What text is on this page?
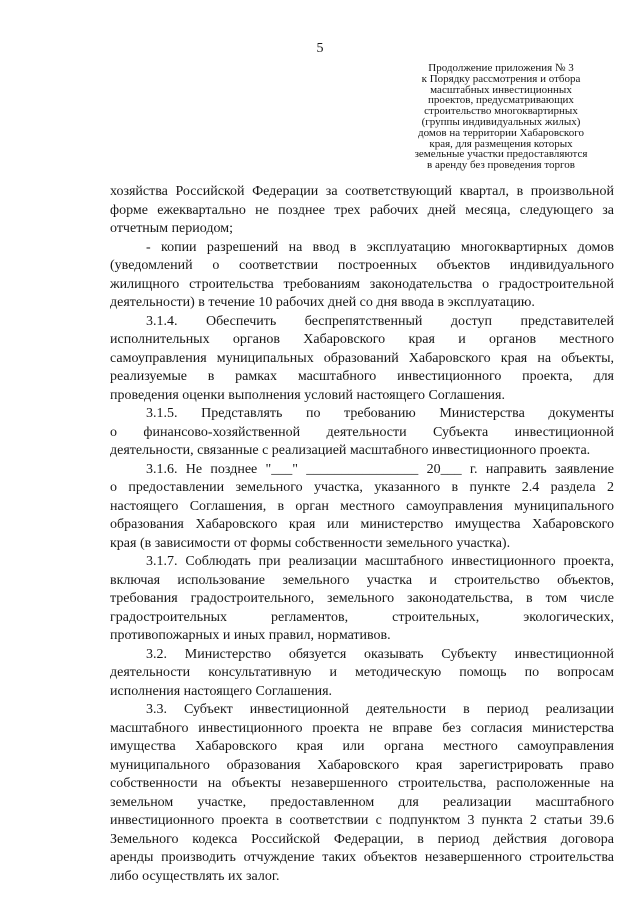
5
Продолжение приложения № 3
к Порядку рассмотрения и отбора
масштабных инвестиционных
проектов, предусматривающих
строительство многоквартирных
(группы индивидуальных жилых)
домов на территории Хабаровского
края, для размещения которых
земельные участки предоставляются
в аренду без проведения торгов
хозяйства Российской Федерации за соответствующий квартал, в произвольной
форме ежеквартально не позднее трех рабочих дней месяца, следующего за
отчетным периодом;
- копии разрешений на ввод в эксплуатацию многоквартирных домов
(уведомлений о соответствии построенных объектов индивидуального
жилищного строительства требованиям законодательства о градостроительной
деятельности) в течение 10 рабочих дней со дня ввода в эксплуатацию.
3.1.4. Обеспечить беспрепятственный доступ представителей
исполнительных органов Хабаровского края и органов местного
самоуправления муниципальных образований Хабаровского края на объекты,
реализуемые в рамках масштабного инвестиционного проекта, для
проведения оценки выполнения условий настоящего Соглашения.
3.1.5. Представлять по требованию Министерства документы
о финансово-хозяйственной деятельности Субъекта инвестиционной
деятельности, связанные с реализацией масштабного инвестиционного проекта.
3.1.6. Не позднее "___" ________________ 20___ г. направить заявление
о предоставлении земельного участка, указанного в пункте 2.4 раздела 2
настоящего Соглашения, в орган местного самоуправления муниципального
образования Хабаровского края или министерство имущества Хабаровского
края (в зависимости от формы собственности земельного участка).
3.1.7. Соблюдать при реализации масштабного инвестиционного проекта,
включая использование земельного участка и строительство объектов,
требования градостроительного, земельного законодательства, в том числе
градостроительных регламентов, строительных, экологических,
противопожарных и иных правил, нормативов.
3.2. Министерство обязуется оказывать Субъекту инвестиционной
деятельности консультативную и методическую помощь по вопросам
исполнения настоящего Соглашения.
3.3. Субъект инвестиционной деятельности в период реализации
масштабного инвестиционного проекта не вправе без согласия министерства
имущества Хабаровского края или органа местного самоуправления
муниципального образования Хабаровского края зарегистрировать право
собственности на объекты незавершенного строительства, расположенные на
земельном участке, предоставленном для реализации масштабного
инвестиционного проекта в соответствии с подпунктом 3 пункта 2 статьи 39.6
Земельного кодекса Российской Федерации, в период действия договора
аренды производить отчуждение таких объектов незавершенного строительства
либо осуществлять их залог.
